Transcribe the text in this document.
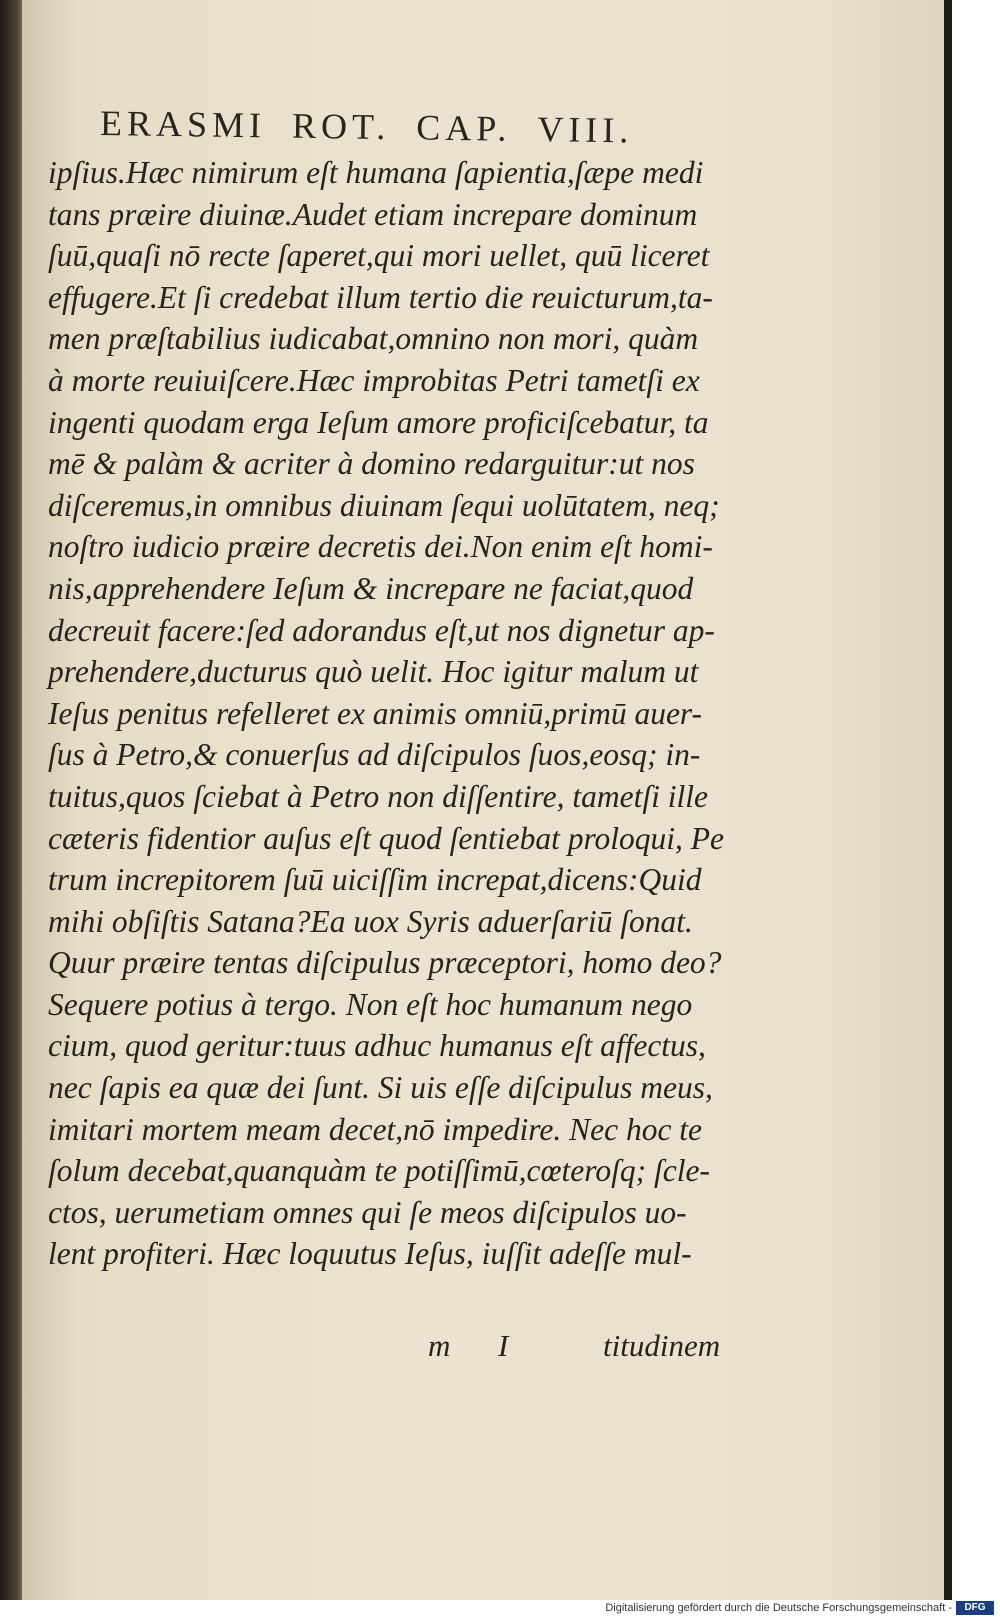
ERASMI ROT. CAP. VIII.
ipſius.Hæc nimirum eſt humana ſapientia,ſæpe medi
tans præire diuinæ.Audet etiam increpare dominum
ſuū,quaſi nō recte ſaperet,qui mori uellet, quū liceret
effugere.Et ſi credebat illum tertio die reuicturum,ta-
men præſtabilius iudicabat,omnino non mori, quàm
à morte reuiuiſcere.Hæc improbitas Petri tametſi ex
ingenti quodam erga Ieſum amore proficiſcebatur, ta
mē & palàm & acriter à domino redarguitur:ut nos
diſceremus,in omnibus diuinam ſequi uolūtatem, neq;
noſtro iudicio præire decretis dei.Non enim eſt homi-
nis,apprehendere Ieſum & increpare ne faciat,quod
decreuit facere:ſed adorandus eſt,ut nos dignetur ap-
prehendere,ducturus quò uelit. Hoc igitur malum ut
Ieſus penitus refelleret ex animis omniū,primū auer-
ſus à Petro,& conuerſus ad diſcipulos ſuos,eosq; in-
tuitus,quos ſciebat à Petro non diſſentire, tametſi ille
cæteris fidentior auſus eſt quod ſentiebat proloqui, Pe
trum increpitorem ſuū uiciſſim increpat,dicens:Quid
mihi obſiſtis Satana?Ea uox Syris aduerſariū ſonat.
Quur præire tentas diſcipulus præceptori, homo deo?
Sequere potius à tergo. Non eſt hoc humanum nego
cium, quod geritur:tuus adhuc humanus eſt affectus,
nec ſapis ea quæ dei ſunt. Si uis eſſe diſcipulus meus,
imitari mortem meam decet,nō impedire. Nec hoc te
ſolum decebat,quanquàm te potiſſimū,cœteroſq; ſcle-
ctos, uerumetiam omnes qui ſe meos diſcipulos uo-
lent profiteri. Hæc loquutus Ieſus, iuſſit adeſſe mul-
m I	titudinem
Digitalisierung gefördert durch die Deutsche Forschungsgemeinschaft -	DFG
